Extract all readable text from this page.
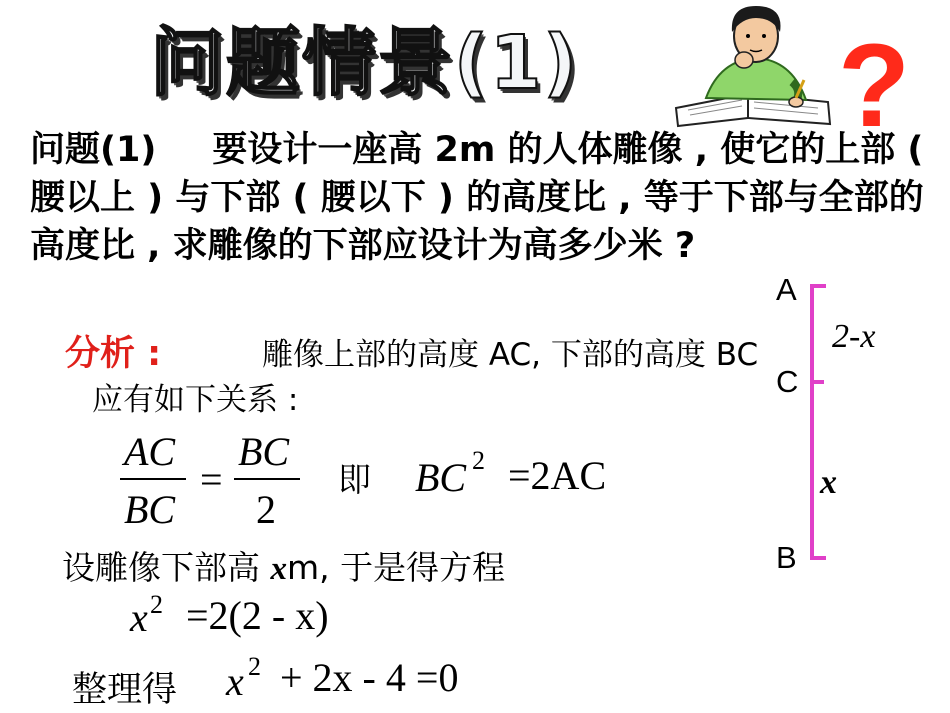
问题情景(1) ?
问题(1) 要设计一座高 2m 的人体雕像 , 使它的上部 ( 腰以上 ) 与下部 ( 腰以下 ) 的高度比 , 等于下部与全部的高度比 , 求雕像的下部应设计为高多少米 ?
分析 :	雕像上部的高度 AC, 下部的高度 BC
应有如下关系 :
AC
BC
=
BC
2
即 BC 2 =2AC
设雕像下部高 xm, 于是得方程
x 2 =2(2 - x)
整理得 x 2 + 2x - 4 =0
A
C
B
2-x
x
